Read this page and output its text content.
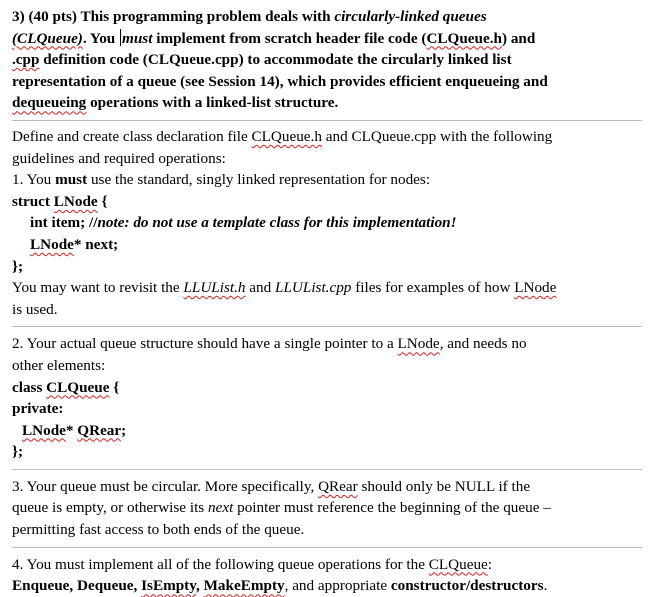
3) (40 pts) This programming problem deals with circularly-linked queues

(CLQueue). You must implement from scratch header file code (CLQueue.h) and

.cpp definition code (CLQueue.cpp) to accommodate the circularly linked list

representation of a queue (see Session 14), which provides efficient enqueueing and

dequeueing operations with a linked-list structure.

Define and create class declaration file CLQueue.h and CLQueue.cpp with the following

guidelines and required operations:

1. You must use the standard, singly linked representation for nodes:

struct LNode {

int item; //note: do not use a template class for this implementation!

LNode* next;

};

You may want to revisit the LLUList.h and LLUList.cpp files for examples of how LNode

is used.

2. Your actual queue structure should have a single pointer to a LNode, and needs no

other elements:

class CLQueue {

private:

LNode* QRear;

};

3. Your queue must be circular. More specifically, QRear should only be NULL if the

queue is empty, or otherwise its next pointer must reference the beginning of the queue –

permitting fast access to both ends of the queue.

4. You must implement all of the following queue operations for the CLQueue:

Enqueue, Dequeue, IsEmpty, MakeEmpty, and appropriate constructor/destructors.
